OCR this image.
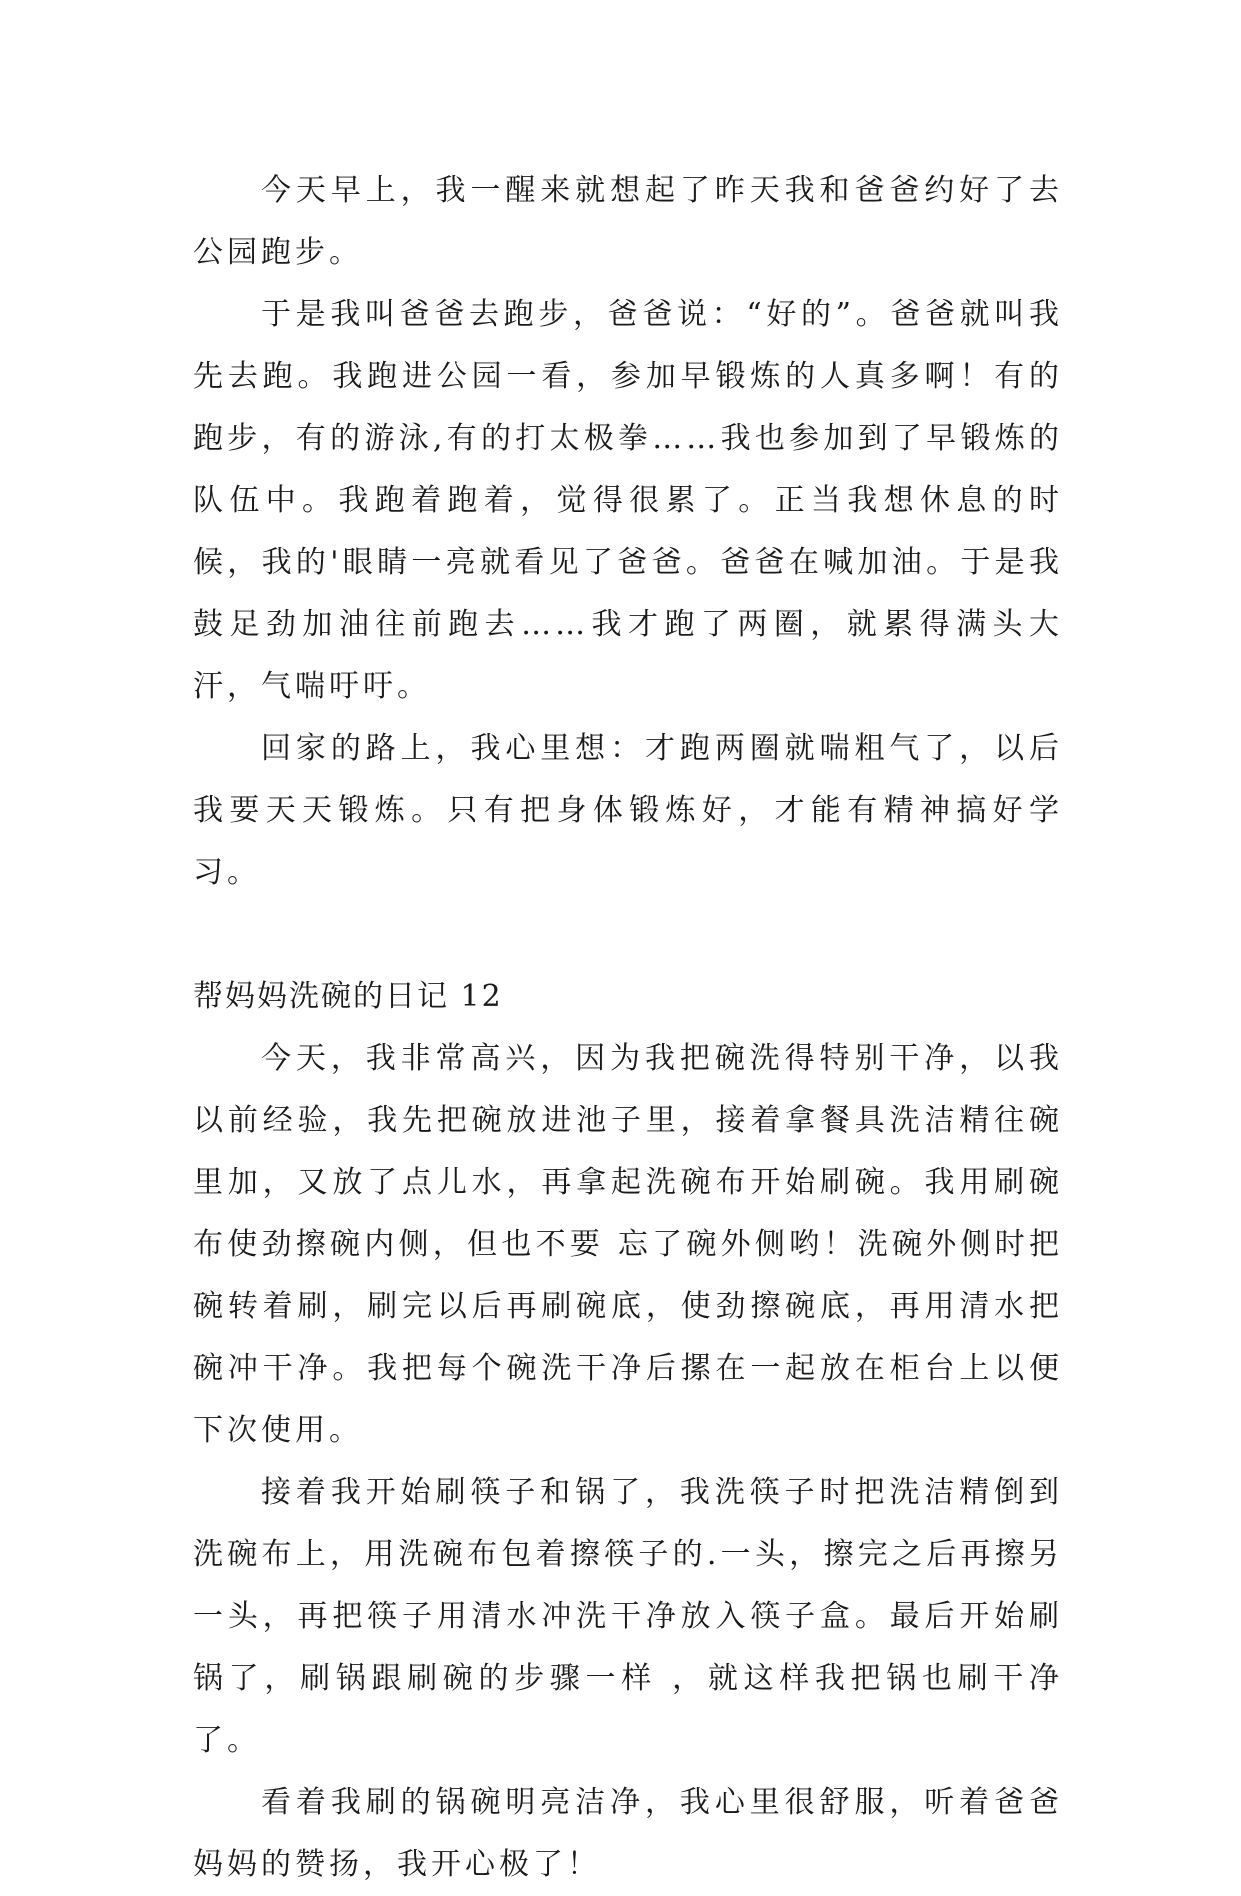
今天早上，我一醒来就想起了昨天我和爸爸约好了去公园跑步。

于是我叫爸爸去跑步，爸爸说：“好的”。爸爸就叫我先去跑。我跑进公园一看，参加早锻炼的人真多啊！有的跑步，有的游泳,有的打太极拳……我也参加到了早锻炼的队伍中。我跑着跑着，觉得很累了。正当我想休息的时候，我的'眼睛一亮就看见了爸爸。爸爸在喊加油。于是我鼓足劲加油往前跑去……我才跑了两圈，就累得满头大汗，气喘吁吁。

回家的路上，我心里想：才跑两圈就喘粗气了，以后我要天天锻炼。只有把身体锻炼好，才能有精神搞好学习。

帮妈妈洗碗的日记 12

今天，我非常高兴，因为我把碗洗得特别干净，以我以前经验，我先把碗放进池子里，接着拿餐具洗洁精往碗里加，又放了点儿水，再拿起洗碗布开始刷碗。我用刷碗布使劲擦碗内侧，但也不要 忘了碗外侧哟！洗碗外侧时把碗转着刷，刷完以后再刷碗底，使劲擦碗底，再用清水把碗冲干净。我把每个碗洗干净后摞在一起放在柜台上以便下次使用。

接着我开始刷筷子和锅了，我洗筷子时把洗洁精倒到洗碗布上，用洗碗布包着擦筷子的.一头，擦完之后再擦另一头，再把筷子用清水冲洗干净放入筷子盒。最后开始刷锅了，刷锅跟刷碗的步骤一样 ，就这样我把锅也刷干净了。

看着我刷的锅碗明亮洁净，我心里很舒服，听着爸爸妈妈的赞扬，我开心极了！
